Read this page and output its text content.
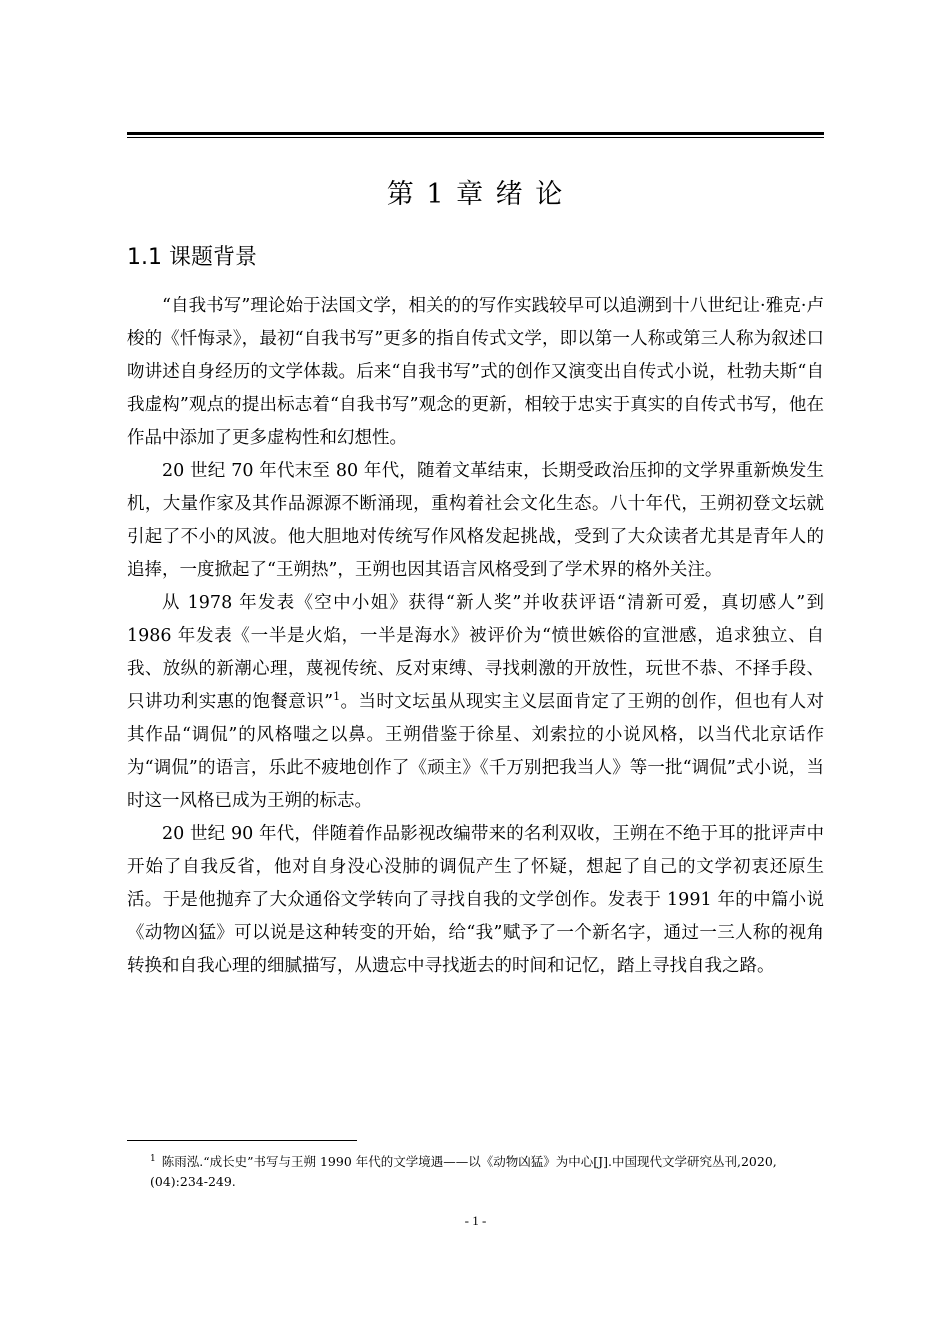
第 1 章 绪 论
1.1 课题背景

“自我书写”理论始于法国文学，相关的的写作实践较早可以追溯到十八世纪让·雅克·卢梭的《忏悔录》，最初“自我书写”更多的指自传式文学，即以第一人称或第三人称为叙述口吻讲述自身经历的文学体裁。后来“自我书写”式的创作又演变出自传式小说，杜勃夫斯“自我虚构”观点的提出标志着“自我书写”观念的更新，相较于忠实于真实的自传式书写，他在作品中添加了更多虚构性和幻想性。

20 世纪 70 年代末至 80 年代，随着文革结束，长期受政治压抑的文学界重新焕发生机，大量作家及其作品源源不断涌现，重构着社会文化生态。八十年代，王朔初登文坛就引起了不小的风波。他大胆地对传统写作风格发起挑战，受到了大众读者尤其是青年人的追捧，一度掀起了“王朔热”，王朔也因其语言风格受到了学术界的格外关注。

从 1978 年发表《空中小姐》获得“新人奖”并收获评语“清新可爱，真切感人”到 1986 年发表《一半是火焰，一半是海水》被评价为“愤世嫉俗的宣泄感，追求独立、自我、放纵的新潮心理，蔑视传统、反对束缚、寻找刺激的开放性，玩世不恭、不择手段、只讲功利实惠的饱餐意识”$^1$。当时文坛虽从现实主义层面肯定了王朔的创作，但也有人对其作品“调侃”的风格嗤之以鼻。王朔借鉴于徐星、刘索拉的小说风格，以当代北京话作为“调侃”的语言，乐此不疲地创作了《顽主》《千万别把我当人》等一批“调侃”式小说，当时这一风格已成为王朔的标志。

20 世纪 90 年代，伴随着作品影视改编带来的名利双收，王朔在不绝于耳的批评声中开始了自我反省，他对自身没心没肺的调侃产生了怀疑，想起了自己的文学初衷还原生活。于是他抛弃了大众通俗文学转向了寻找自我的文学创作。发表于 1991 年的中篇小说《动物凶猛》可以说是这种转变的开始，给“我”赋予了一个新名字，通过一三人称的视角转换和自我心理的细腻描写，从遗忘中寻找逝去的时间和记忆，踏上寻找自我之路。

$^1$ 陈雨泓.“成长史”书写与王朔 1990 年代的文学境遇——以《动物凶猛》为中心[J].中国现代文学研究丛刊,2020,(04):234-249.
- 1 -
